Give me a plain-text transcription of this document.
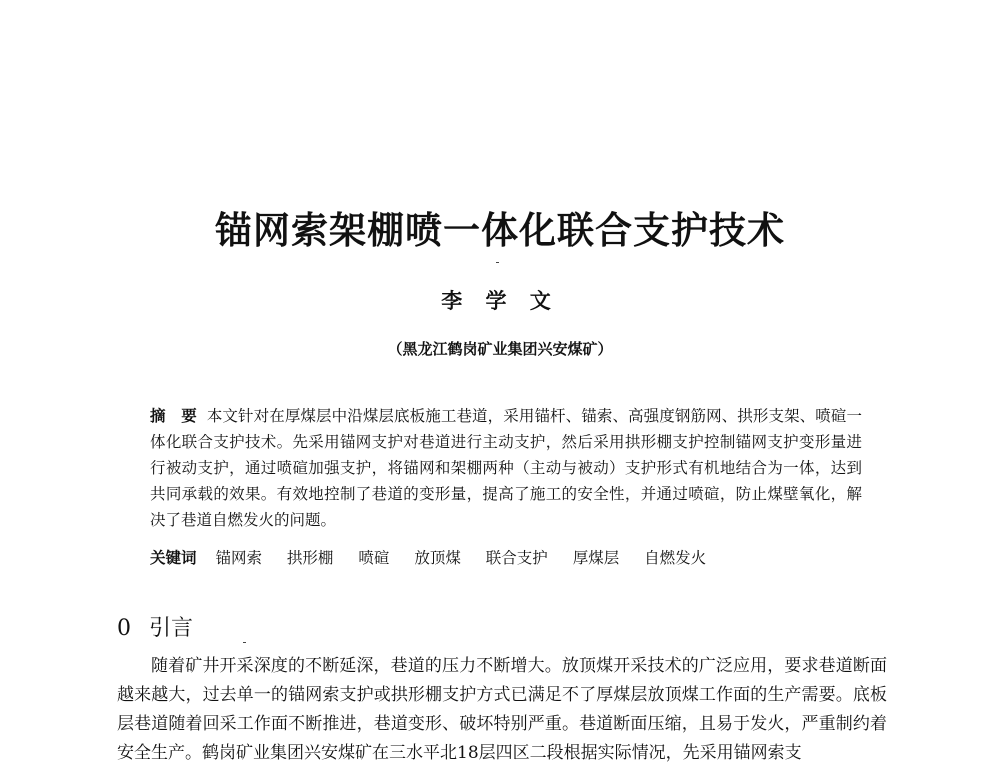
锚网索架棚喷一体化联合支护技术
李 学 文
（黑龙江鹤岗矿业集团兴安煤矿）
摘　要 本文针对在厚煤层中沿煤层底板施工巷道，采用锚杆、锚索、高强度钢筋网、拱形支架、喷碹一体化联合支护技术。先采用锚网支护对巷道进行主动支护，然后采用拱形棚支护控制锚网支护变形量进行被动支护，通过喷碹加强支护，将锚网和架棚两种（主动与被动）支护形式有机地结合为一体，达到共同承载的效果。有效地控制了巷道的变形量，提高了施工的安全性，并通过喷碹，防止煤壁氧化，解决了巷道自燃发火的问题。
关键词 锚网索 拱形棚 喷碹 放顶煤 联合支护 厚煤层 自燃发火
0 引言

随着矿井开采深度的不断延深，巷道的压力不断增大。放顶煤开采技术的广泛应用，要求巷道断面越来越大，过去单一的锚网索支护或拱形棚支护方式已满足不了厚煤层放顶煤工作面的生产需要。底板层巷道随着回采工作面不断推进，巷道变形、破坏特别严重。巷道断面压缩，且易于发火，严重制约着安全生产。鹤岗矿业集团兴安煤矿在三水平北18层四区二段根据实际情况，先采用锚网索支
